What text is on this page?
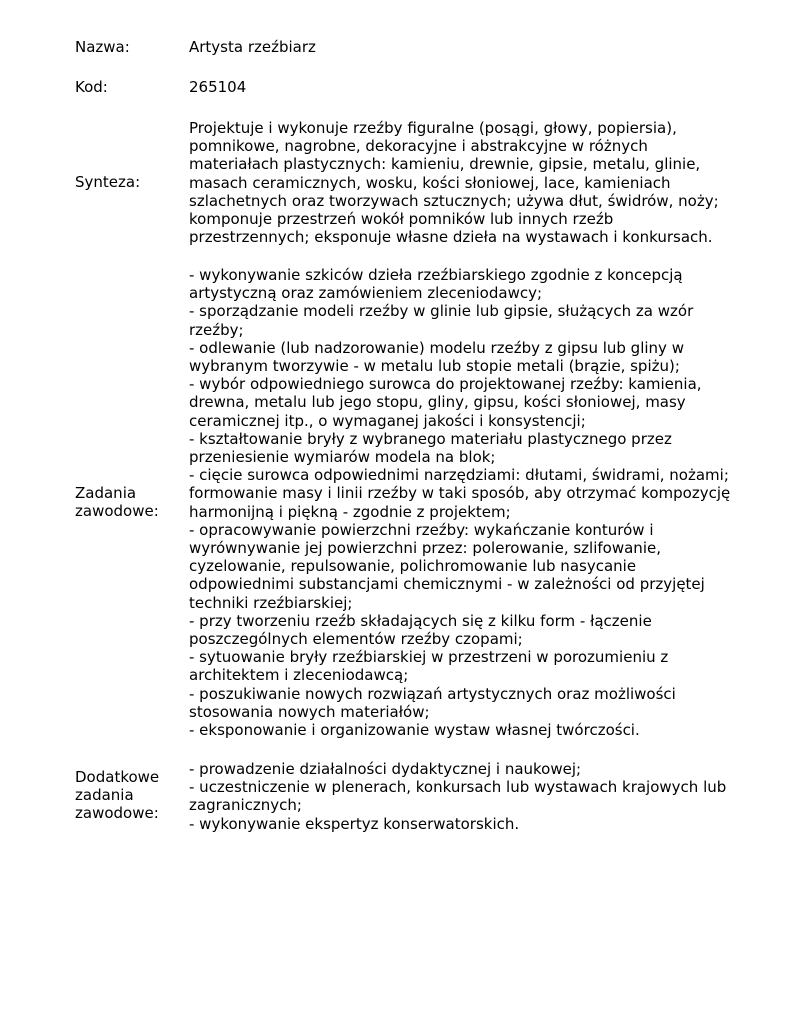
Nazwa:	Artysta rzeźbiarz
Kod:	265104
Synteza:
Projektuje i wykonuje rzeźby figuralne (posągi, głowy, popiersia),
pomnikowe, nagrobne, dekoracyjne i abstrakcyjne w różnych
materiałach plastycznych: kamieniu, drewnie, gipsie, metalu, glinie,
masach ceramicznych, wosku, kości słoniowej, lace, kamieniach
szlachetnych oraz tworzywach sztucznych; używa dłut, świdrów, noży;
komponuje przestrzeń wokół pomników lub innych rzeźb
przestrzennych; eksponuje własne dzieła na wystawach i konkursach.
Zadania
zawodowe:
- wykonywanie szkiców dzieła rzeźbiarskiego zgodnie z koncepcją
artystyczną oraz zamówieniem zleceniodawcy;
- sporządzanie modeli rzeźby w glinie lub gipsie, służących za wzór
rzeźby;
- odlewanie (lub nadzorowanie) modelu rzeźby z gipsu lub gliny w
wybranym tworzywie - w metalu lub stopie metali (brązie, spiżu);
- wybór odpowiedniego surowca do projektowanej rzeźby: kamienia,
drewna, metalu lub jego stopu, gliny, gipsu, kości słoniowej, masy
ceramicznej itp., o wymaganej jakości i konsystencji;
- kształtowanie bryły z wybranego materiału plastycznego przez
przeniesienie wymiarów modela na blok;
- cięcie surowca odpowiednimi narzędziami: dłutami, świdrami, nożami;
formowanie masy i linii rzeźby w taki sposób, aby otrzymać kompozycję
harmonijną i piękną - zgodnie z projektem;
- opracowywanie powierzchni rzeźby: wykańczanie konturów i
wyrównywanie jej powierzchni przez: polerowanie, szlifowanie,
cyzelowanie, repulsowanie, polichromowanie lub nasycanie
odpowiednimi substancjami chemicznymi - w zależności od przyjętej
techniki rzeźbiarskiej;
- przy tworzeniu rzeźb składających się z kilku form - łączenie
poszczególnych elementów rzeźby czopami;
- sytuowanie bryły rzeźbiarskiej w przestrzeni w porozumieniu z
architektem i zleceniodawcą;
- poszukiwanie nowych rozwiązań artystycznych oraz możliwości
stosowania nowych materiałów;
- eksponowanie i organizowanie wystaw własnej twórczości.
Dodatkowe
zadania
zawodowe:
- prowadzenie działalności dydaktycznej i naukowej;
- uczestniczenie w plenerach, konkursach lub wystawach krajowych lub
zagranicznych;
- wykonywanie ekspertyz konserwatorskich.
